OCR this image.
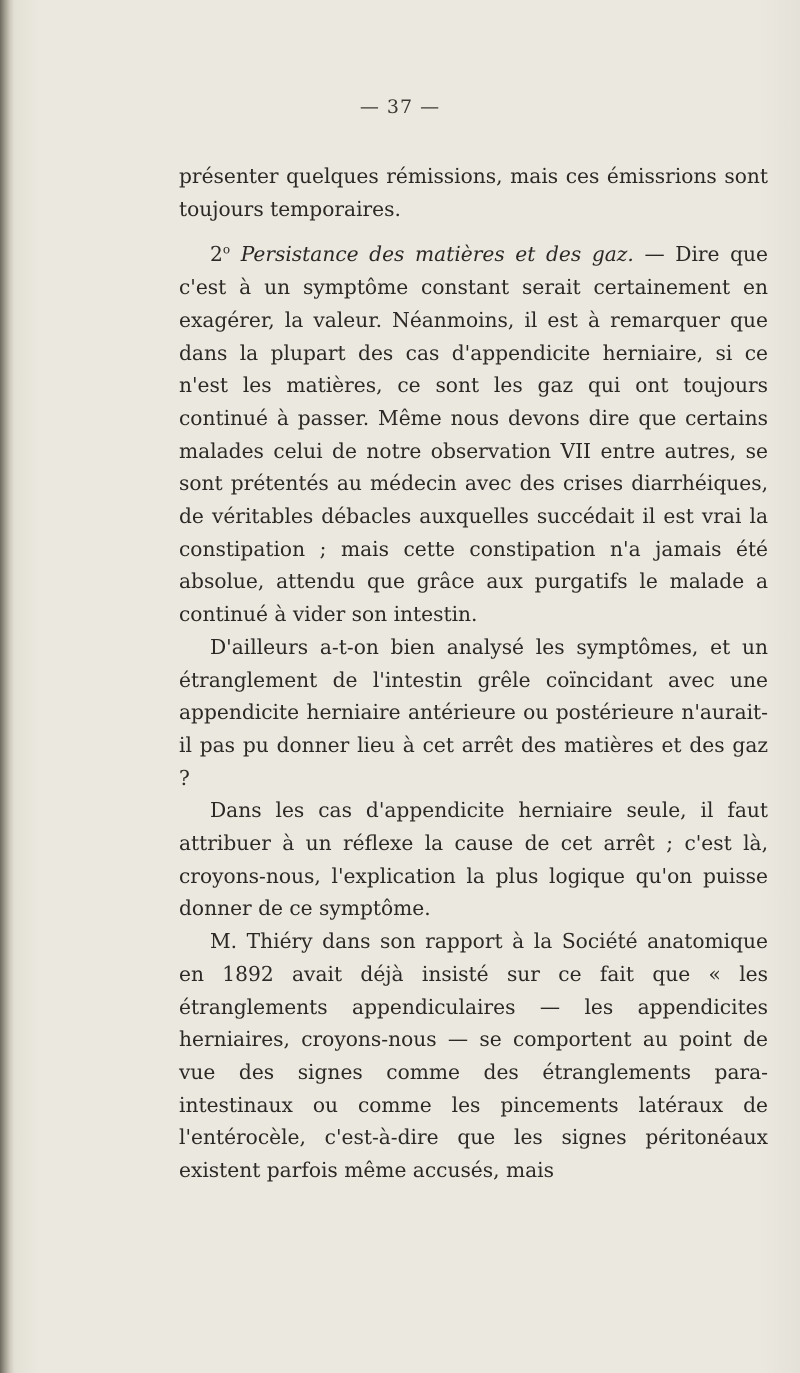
— 37 —

présenter quelques rémissions, mais ces émissrions sont toujours temporaires.

2$^o$ Persistance des matières et des gaz. — Dire que c'est à un symptôme constant serait certainement en exagérer, la valeur. Néanmoins, il est à remarquer que dans la plupart des cas d'appendicite herniaire, si ce n'est les matières, ce sont les gaz qui ont toujours continué à passer. Même nous devons dire que certains malades celui de notre observation VII entre autres, se sont prétentés au médecin avec des crises diarrhéiques, de véritables débacles auxquelles succédait il est vrai la constipation ; mais cette constipation n'a jamais été absolue, attendu que grâce aux purgatifs le malade a continué à vider son intestin.

D'ailleurs a-t-on bien analysé les symptômes, et un étranglement de l'intestin grêle coïncidant avec une appendicite herniaire antérieure ou postérieure n'aurait-il pas pu donner lieu à cet arrêt des matières et des gaz ?

Dans les cas d'appendicite herniaire seule, il faut attribuer à un réflexe la cause de cet arrêt ; c'est là, croyons-nous, l'explication la plus logique qu'on puisse donner de ce symptôme.

M. Thiéry dans son rapport à la Société anatomique en 1892 avait déjà insisté sur ce fait que « les étranglements appendiculaires — les appendicites herniaires, croyons-nous — se comportent au point de vue des signes comme des étranglements para-intestinaux ou comme les pincements latéraux de l'entérocèle, c'est-à-dire que les signes péritonéaux existent parfois même accusés, mais
